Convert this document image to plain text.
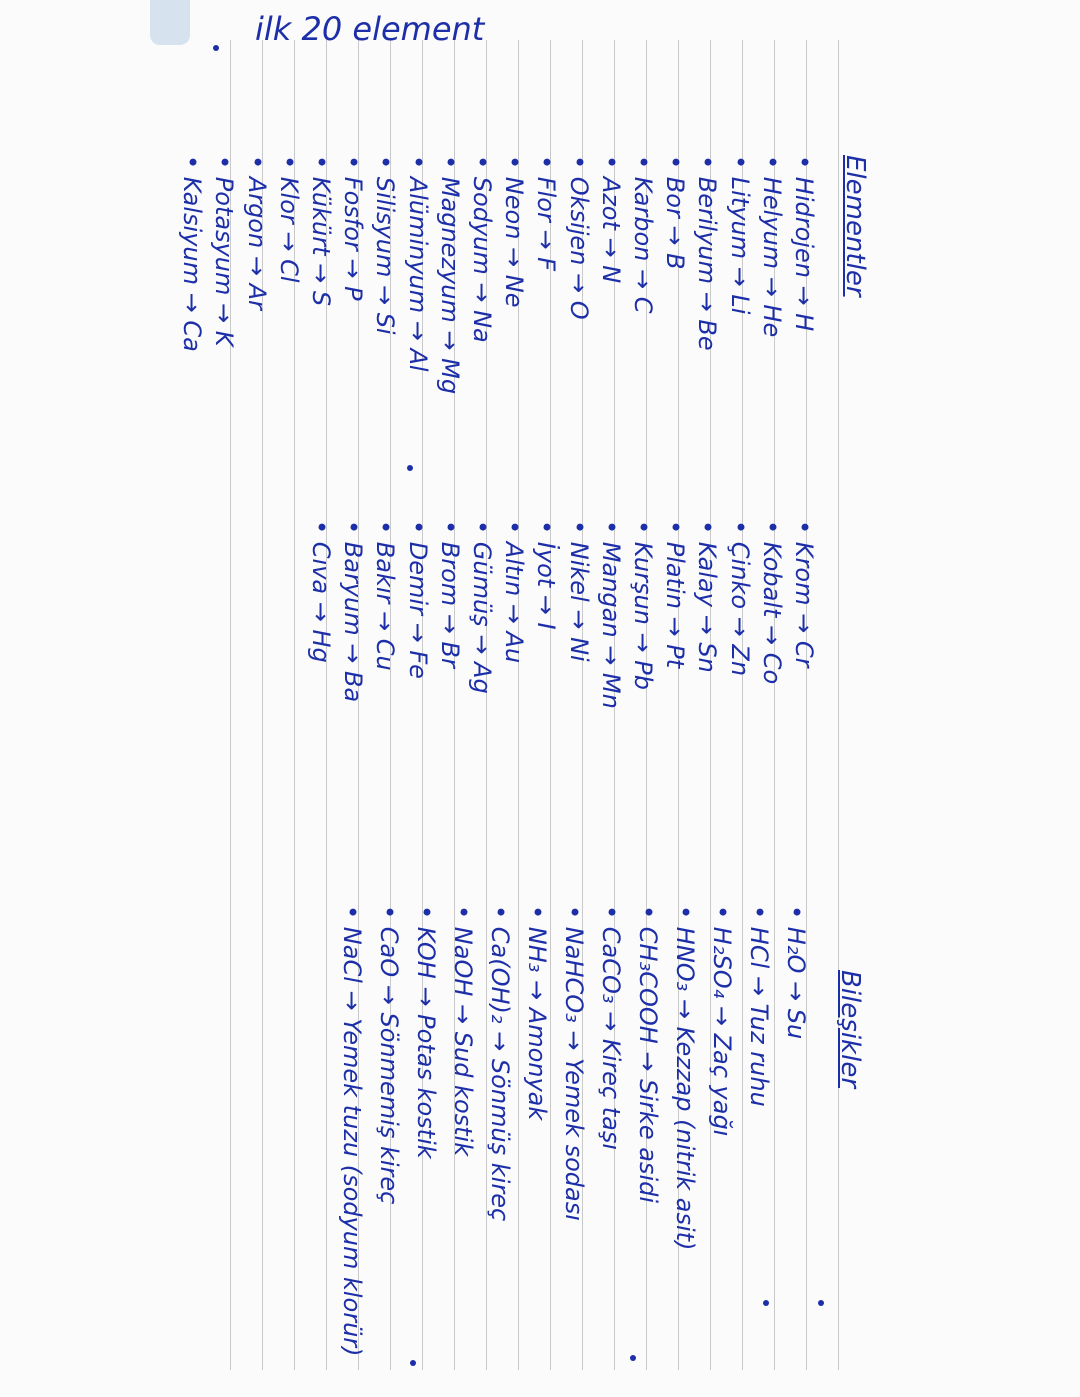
ilk 20 element
Elementler
• Hidrojen → H
• Helyum → He
• Lityum → Li
• Berilyum → Be
• Bor → B
• Karbon → C
• Azot → N
• Oksijen → O
• Flor → F
• Neon → Ne
• Sodyum → Na
• Magnezyum → Mg
• Alüminyum → Al
• Silisyum → Si
• Fosfor → P
• Kükürt → S
• Klor → Cl
• Argon → Ar
• Potasyum → K
• Kalsiyum → Ca
• Krom → Cr
• Kobalt → Co
• Çinko → Zn
• Kalay → Sn
• Platin → Pt
• Kurşun → Pb
• Mangan → Mn
• Nikel → Ni
• İyot → I
• Altın → Au
• Gümüş → Ag
• Brom → Br
• Demir → Fe
• Bakır → Cu
• Baryum → Ba
• Cıva → Hg
Bileşikler
• H₂O → Su
• HCl → Tuz ruhu
• H₂SO₄ → Zaç yağı
• HNO₃ → Kezzap (nitrik asit)
• CH₃COOH → Sirke asidi
• CaCO₃ → Kireç taşı
• NaHCO₃ → Yemek sodası
• NH₃ → Amonyak
• Ca(OH)₂ → Sönmüş kireç
• NaOH → Sud kostik
• KOH → Potas kostik
• CaO → Sönmemiş kireç
• NaCl → Yemek tuzu (sodyum klorür)
